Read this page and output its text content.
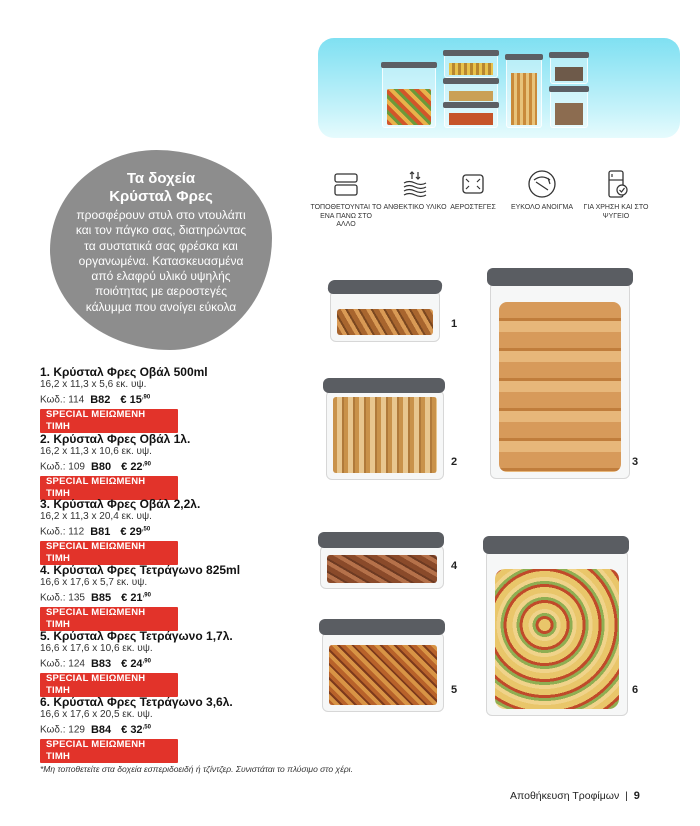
Τα δοχεία
Κρύσταλ Φρες
προσφέρουν στυλ στο ντουλάπι
και τον πάγκο σας, διατηρώντας
τα συστατικά σας φρέσκα και
οργανωμένα. Κατασκευασμένα
από ελαφρύ υλικό υψηλής
ποιότητας με αεροστεγές
κάλυμμα που ανοίγει εύκολα
ΤΟΠΟΘΕΤΟΥΝΤΑΙ ΤΟ ΕΝΑ ΠΑΝΩ ΣΤΟ ΑΛΛΟ
ΑΝΘΕΚΤΙΚΟ ΥΛΙΚΟ ΑΕΡΟΣΤΕΓΕΣ	ΕΥΚΟΛΟ ΑΝΟΙΓΜΑ	ΓΙΑ ΧΡΗΣΗ ΚΑΙ ΣΤΟ ΨΥΓΕΙΟ
1. Κρύσταλ Φρες Οβάλ 500ml
16,2 x 11,3 x 5,6 εκ. υψ.
Κωδ.: 114 B82 € $15^{,90}$
SPECIAL ΜΕΙΩΜΕΝΗ ΤΙΜΗ
2. Κρύσταλ Φρες Οβάλ 1λ.
16,2 x 11,3 x 10,6 εκ. υψ.
Κωδ.: 109 B80 € $22^{,90}$
SPECIAL ΜΕΙΩΜΕΝΗ ΤΙΜΗ
3. Κρύσταλ Φρες Οβάλ 2,2λ.
16,2 x 11,3 x 20,4 εκ. υψ.
Κωδ.: 112 B81 € $29^{,50}$
SPECIAL ΜΕΙΩΜΕΝΗ ΤΙΜΗ
4. Κρύσταλ Φρες Τετράγωνο 825ml
16,6 x 17,6 x 5,7 εκ. υψ.
Κωδ.: 135 B85 € $21^{,90}$
SPECIAL ΜΕΙΩΜΕΝΗ ΤΙΜΗ
5. Κρύσταλ Φρες Τετράγωνο 1,7λ.
16,6 x 17,6 x 10,6 εκ. υψ.
Κωδ.: 124 B83 € $24^{,90}$
SPECIAL ΜΕΙΩΜΕΝΗ ΤΙΜΗ
6. Κρύσταλ Φρες Τετράγωνο 3,6λ.
16,6 x 17,6 x 20,5 εκ. υψ.
Κωδ.: 129 B84 € $32^{,50}$
SPECIAL ΜΕΙΩΜΕΝΗ ΤΙΜΗ
1
2	3
4
5	6
*Μη τοποθετείτε στα δοχεία εσπεριδοειδή ή τζίντζερ. Συνιστάται το πλύσιμο στο χέρι.
Αποθήκευση Τροφίμων | 9
